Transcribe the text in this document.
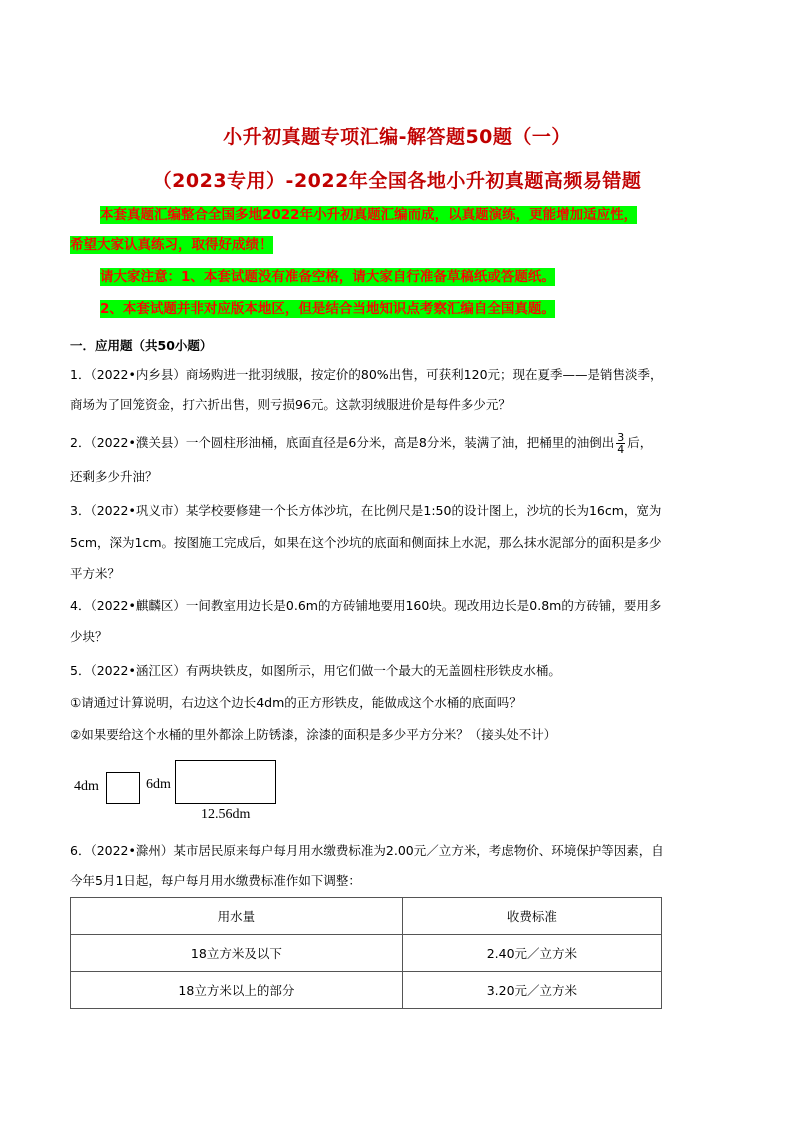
小升初真题专项汇编-解答题50题（一）
（2023专用）-2022年全国各地小升初真题高频易错题
本套真题汇编整合全国多地2022年小升初真题汇编而成，以真题演练，更能增加适应性，
希望大家认真练习，取得好成绩！
请大家注意：1、本套试题没有准备空格，请大家自行准备草稿纸或答题纸。
2、本套试题并非对应版本地区，但是结合当地知识点考察汇编自全国真题。
一．应用题（共50小题）
1．（2022•内乡县）商场购进一批羽绒服，按定价的80%出售，可获利120元；现在夏季——是销售淡季，
商场为了回笼资金，打六折出售，则亏损96元。这款羽绒服进价是每件多少元？
2．（2022•濮关县）一个圆柱形油桶，底面直径是6分米，高是8分米，装满了油，把桶里的油倒出 $\frac{3}{4}$ 后，
还剩多少升油？
3．（2022•巩义市）某学校要修建一个长方体沙坑，在比例尺是1:50的设计图上，沙坑的长为16cm，宽为
5cm，深为1cm。按图施工完成后，如果在这个沙坑的底面和侧面抹上水泥，那么抹水泥部分的面积是多少
平方米？
4．（2022•麒麟区）一间教室用边长是0.6m的方砖铺地要用160块。现改用边长是0.8m的方砖铺，要用多
少块？
5．（2022•涵江区）有两块铁皮，如图所示，用它们做一个最大的无盖圆柱形铁皮水桶。
①请通过计算说明，右边这个边长4dm的正方形铁皮，能做成这个水桶的底面吗？
②如果要给这个水桶的里外都涂上防锈漆，涂漆的面积是多少平方分米？（接头处不计）
4dm	6dm
12.56dm
6．（2022•滁州）某市居民原来每户每月用水缴费标准为2.00元／立方米，考虑物价、环境保护等因素，自
今年5月1日起，每户每月用水缴费标准作如下调整：
用水量	收费标准
18立方米及以下	2.40元／立方米
18立方米以上的部分	3.20元／立方米
